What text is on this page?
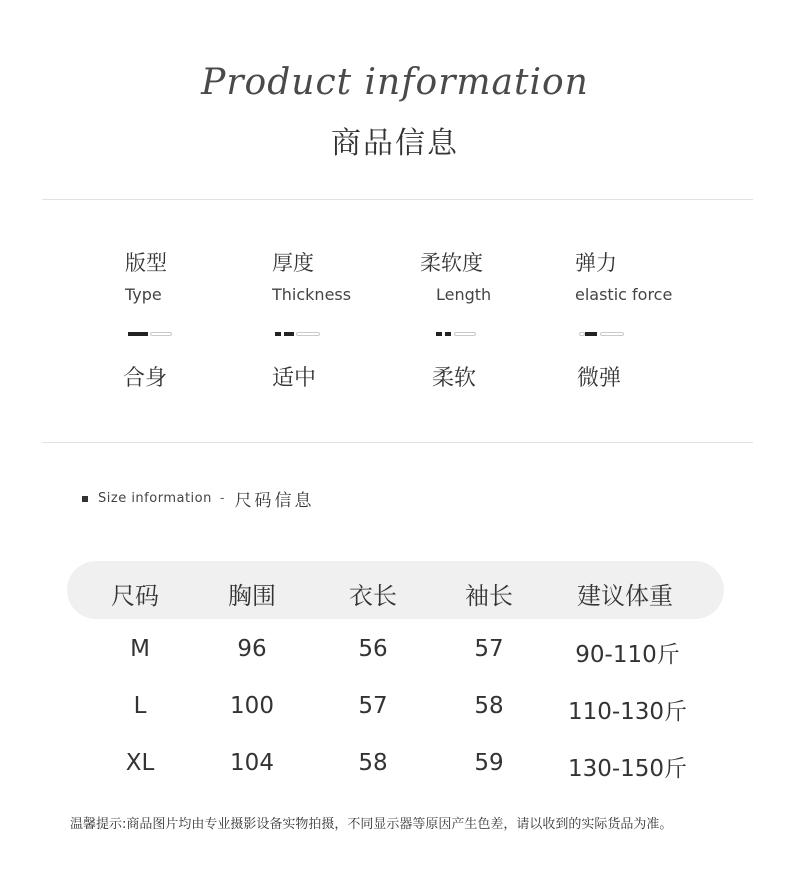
Product information
商品信息
版型
Type
合身
厚度
Thickness
适中
柔软度
Length
柔软
弹力
elastic force
微弹
Size information - 尺码信息
尺码	胸围	衣长	袖长	建议体重
M	96	56	57	90-110斤
L	100	57	58	110-130斤
XL	104	58	59	130-150斤
温馨提示:商品图片均由专业摄影设备实物拍摄，不同显示器等原因产生色差，请以收到的实际货品为准。
